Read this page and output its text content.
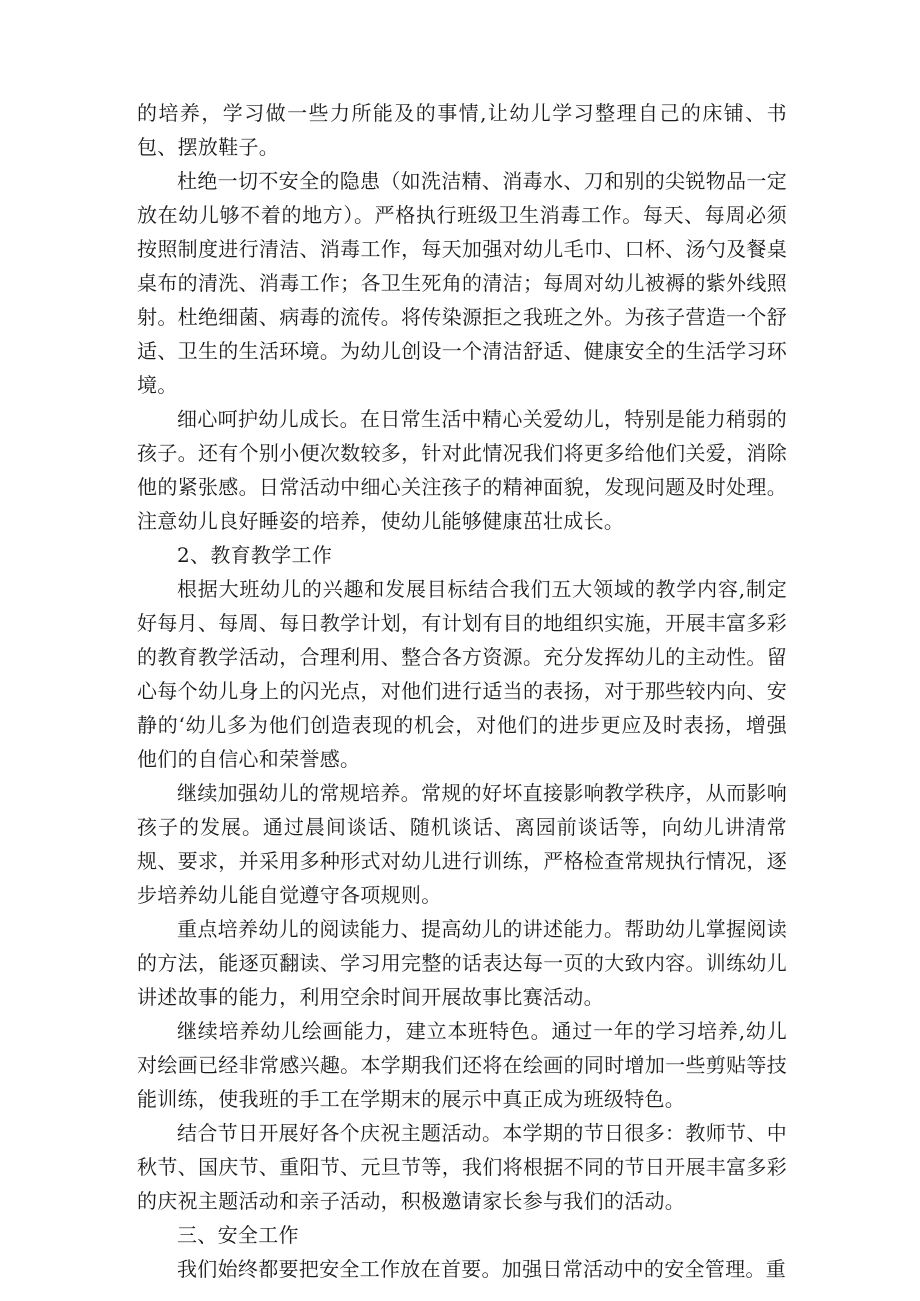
的培养，学习做一些力所能及的事情,让幼儿学习整理自己的床铺、书包、摆放鞋子。

杜绝一切不安全的隐患（如洗洁精、消毒水、刀和别的尖锐物品一定放在幼儿够不着的地方）。严格执行班级卫生消毒工作。每天、每周必须按照制度进行清洁、消毒工作，每天加强对幼儿毛巾、口杯、汤勺及餐桌桌布的清洗、消毒工作；各卫生死角的清洁；每周对幼儿被褥的紫外线照射。杜绝细菌、病毒的流传。将传染源拒之我班之外。为孩子营造一个舒适、卫生的生活环境。为幼儿创设一个清洁舒适、健康安全的生活学习环境。

细心呵护幼儿成长。在日常生活中精心关爱幼儿，特别是能力稍弱的孩子。还有个别小便次数较多，针对此情况我们将更多给他们关爱，消除他的紧张感。日常活动中细心关注孩子的精神面貌，发现问题及时处理。注意幼儿良好睡姿的培养，使幼儿能够健康茁壮成长。

2、教育教学工作

根据大班幼儿的兴趣和发展目标结合我们五大领域的教学内容,制定好每月、每周、每日教学计划，有计划有目的地组织实施，开展丰富多彩的教育教学活动，合理利用、整合各方资源。充分发挥幼儿的主动性。留心每个幼儿身上的闪光点，对他们进行适当的表扬，对于那些较内向、安静的‘幼儿多为他们创造表现的机会，对他们的进步更应及时表扬，增强他们的自信心和荣誉感。

继续加强幼儿的常规培养。常规的好坏直接影响教学秩序，从而影响孩子的发展。通过晨间谈话、随机谈话、离园前谈话等，向幼儿讲清常规、要求，并采用多种形式对幼儿进行训练，严格检查常规执行情况，逐步培养幼儿能自觉遵守各项规则。

重点培养幼儿的阅读能力、提高幼儿的讲述能力。帮助幼儿掌握阅读的方法，能逐页翻读、学习用完整的话表达每一页的大致内容。训练幼儿讲述故事的能力，利用空余时间开展故事比赛活动。

继续培养幼儿绘画能力，建立本班特色。通过一年的学习培养,幼儿对绘画已经非常感兴趣。本学期我们还将在绘画的同时增加一些剪贴等技能训练，使我班的手工在学期末的展示中真正成为班级特色。

结合节日开展好各个庆祝主题活动。本学期的节日很多：教师节、中秋节、国庆节、重阳节、元旦节等，我们将根据不同的节日开展丰富多彩的庆祝主题活动和亲子活动，积极邀请家长参与我们的活动。

三、安全工作

我们始终都要把安全工作放在首要。加强日常活动中的安全管理。重
